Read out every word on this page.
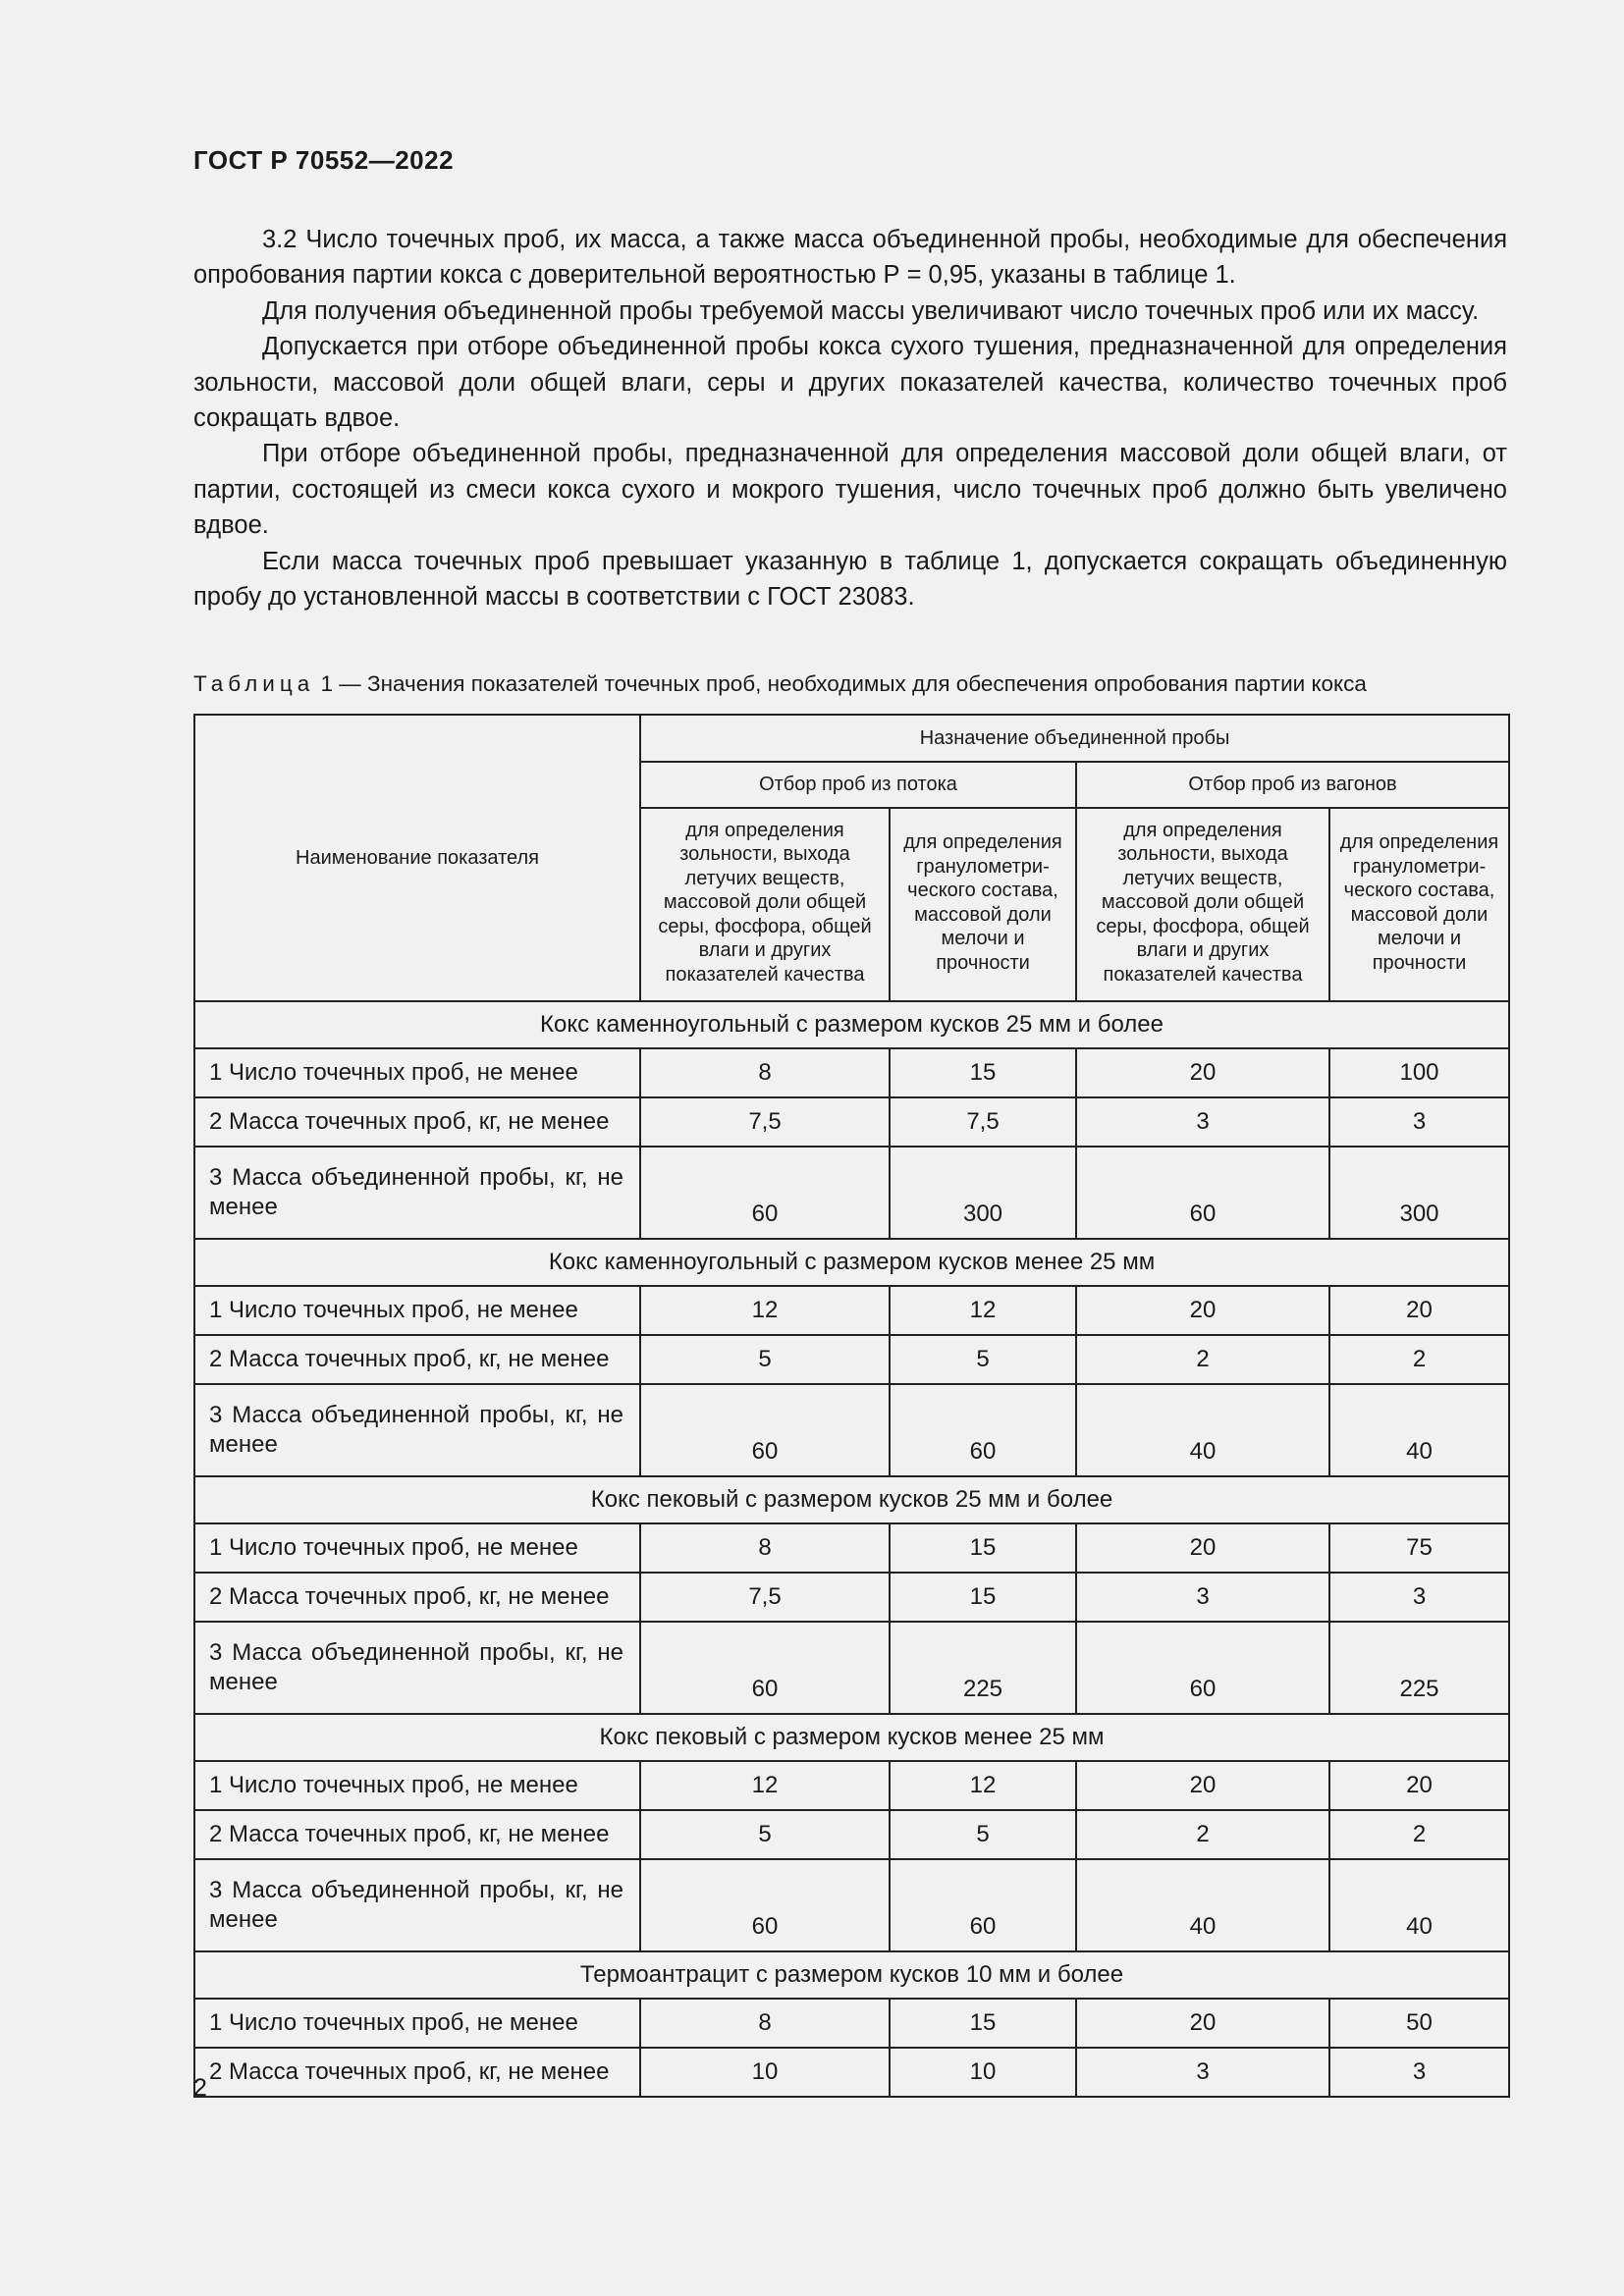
ГОСТ Р 70552—2022

3.2 Число точечных проб, их масса, а также масса объединенной пробы, необходимые для обеспечения опробования партии кокса с доверительной вероятностью Р = 0,95, указаны в таблице 1.

Для получения объединенной пробы требуемой массы увеличивают число точечных проб или их массу.

Допускается при отборе объединенной пробы кокса сухого тушения, предназначенной для определения зольности, массовой доли общей влаги, серы и других показателей качества, количество точечных проб сокращать вдвое.

При отборе объединенной пробы, предназначенной для определения массовой доли общей влаги, от партии, состоящей из смеси кокса сухого и мокрого тушения, число точечных проб должно быть увеличено вдвое.

Если масса точечных проб превышает указанную в таблице 1, допускается сокращать объединенную пробу до установленной массы в соответствии с ГОСТ 23083.

Таблица 1 — Значения показателей точечных проб, необходимых для обеспечения опробования партии кокса
Наименование показателя	Назначение объединенной пробы			
	Отбор проб из потока		Отбор проб из вагонов	
	для определения зольности, выхода летучих веществ, массовой доли общей серы, фосфора, общей влаги и других показателей качества	для определения гранулометри-ческого состава, массовой доли мелочи и прочности	для определения зольности, выхода летучих веществ, массовой доли общей серы, фосфора, общей влаги и других показателей качества	для определения гранулометри-ческого состава, массовой доли мелочи и прочности
Кокс каменноугольный с размером кусков 25 мм и более				
1 Число точечных проб, не менее	8	15	20	100
2 Масса точечных проб, кг, не менее	7,5	7,5	3	3
3 Масса объединенной пробы, кг, не менее	60	300	60	300
Кокс каменноугольный с размером кусков менее 25 мм				
1 Число точечных проб, не менее	12	12	20	20
2 Масса точечных проб, кг, не менее	5	5	2	2
3 Масса объединенной пробы, кг, не менее	60	60	40	40
Кокс пековый с размером кусков 25 мм и более				
1 Число точечных проб, не менее	8	15	20	75
2 Масса точечных проб, кг, не менее	7,5	15	3	3
3 Масса объединенной пробы, кг, не менее	60	225	60	225
Кокс пековый с размером кусков менее 25 мм				
1 Число точечных проб, не менее	12	12	20	20
2 Масса точечных проб, кг, не менее	5	5	2	2
3 Масса объединенной пробы, кг, не менее	60	60	40	40
Термоантрацит с размером кусков 10 мм и более				
1 Число точечных проб, не менее	8	15	20	50
2 Масса точечных проб, кг, не менее	10	10	3	3
2
